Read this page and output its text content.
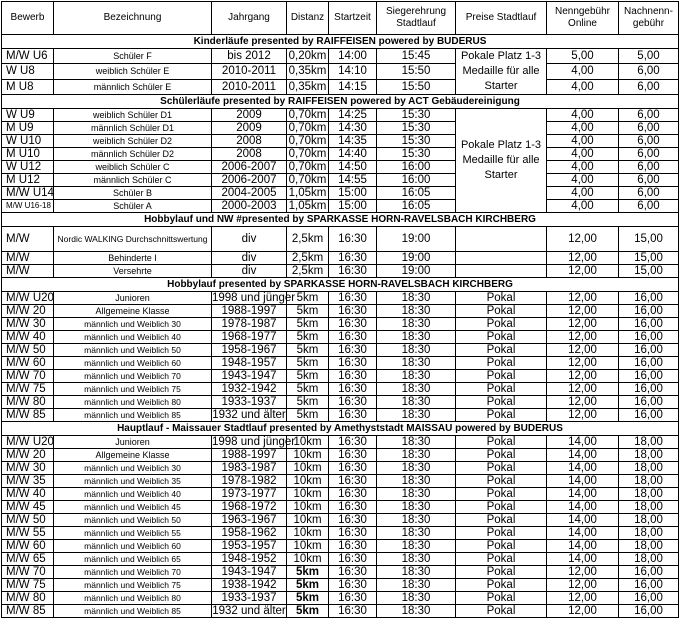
Bewerb	Bezeichnung	Jahrgang	Distanz	Startzeit	Siegerehrung Stadtlauf	Preise Stadtlauf	Nenngebühr Online	Nachnenn-gebühr
Kinderläufe presented by RAIFFEISEN powered by BUDERUS								
M/W U6	Schüler F	bis 2012	0,20km	14:00	15:45	Pokale Platz 1-3 Medaille für alle Starter	5,00	5,00
W U8	weiblich Schüler E	2010-2011	0,35km	14:10	15:50		4,00	6,00
M U8	männlich Schüler E	2010-2011	0,35km	14:15	15:50		4,00	6,00
Schülerläufe presented by RAIFFEISEN powered by ACT Gebäudereinigung								
W U9	weiblich Schüler D1	2009	0,70km	14:25	15:30	Pokale Platz 1-3 Medaille für alle Starter	4,00	6,00
M U9	männlich Schüler D1	2009	0,70km	14:30	15:30		4,00	6,00
W U10	weiblich Schüler D2	2008	0,70km	14:35	15:30		4,00	6,00
M U10	männlich Schüler D2	2008	0,70km	14:40	15:30		4,00	6,00
W U12	weiblich Schüler C	2006-2007	0,70km	14:50	16:00		4,00	6,00
M U12	männlich Schüler C	2006-2007	0,70km	14:55	16:00		4,00	6,00
M/W U14	Schüler B	2004-2005	1,05km	15:00	16:05		4,00	6,00
M/W U16-18	Schüler A	2000-2003	1,05km	15:00	16:05		4,00	6,00
Hobbylauf und NW #presented by SPARKASSE HORN-RAVELSBACH KIRCHBERG								
M/W	Nordic WALKING Durchschnittswertung	div	2,5km	16:30	19:00		12,00	15,00
M/W	Behinderte I	div	2,5km	16:30	19:00		12,00	15,00
M/W	Versehrte	div	2,5km	16:30	19:00		12,00	15,00
Hobbylauf presented by SPARKASSE HORN-RAVELSBACH KIRCHBERG								
M/W U20	Junioren	1998 und jünger	5km	16:30	18:30	Pokal	12,00	16,00
M/W 20	Allgemeine Klasse	1988-1997	5km	16:30	18:30	Pokal	12,00	16,00
M/W 30	männlich und Weiblich 30	1978-1987	5km	16:30	18:30	Pokal	12,00	16,00
M/W 40	männlich und Weiblich 40	1968-1977	5km	16:30	18:30	Pokal	12,00	16,00
M/W 50	männlich und Weiblich 50	1958-1967	5km	16:30	18:30	Pokal	12,00	16,00
M/W 60	männlich und Weiblich 60	1948-1957	5km	16:30	18:30	Pokal	12,00	16,00
M/W 70	männlich und Weiblich 70	1943-1947	5km	16:30	18:30	Pokal	12,00	16,00
M/W 75	männlich und Weiblich 75	1932-1942	5km	16:30	18:30	Pokal	12,00	16,00
M/W 80	männlich und Weiblich 80	1933-1937	5km	16:30	18:30	Pokal	12,00	16,00
M/W 85	männlich und Weiblich 85	1932 und älter	5km	16:30	18:30	Pokal	12,00	16,00
Hauptlauf - Maissauer Stadtlauf presented by Amethyststadt MAISSAU powered by BUDERUS								
M/W U20	Junioren	1998 und jünger	10km	16:30	18:30	Pokal	14,00	18,00
M/W 20	Allgemeine Klasse	1988-1997	10km	16:30	18:30	Pokal	14,00	18,00
M/W 30	männlich und Weiblich 30	1983-1987	10km	16:30	18:30	Pokal	14,00	18,00
M/W 35	männlich und Weiblich 35	1978-1982	10km	16:30	18:30	Pokal	14,00	18,00
M/W 40	männlich und Weiblich 40	1973-1977	10km	16:30	18:30	Pokal	14,00	18,00
M/W 45	männlich und Weiblich 45	1968-1972	10km	16:30	18:30	Pokal	14,00	18,00
M/W 50	männlich und Weiblich 50	1963-1967	10km	16:30	18:30	Pokal	14,00	18,00
M/W 55	männlich und Weiblich 55	1958-1962	10km	16:30	18:30	Pokal	14,00	18,00
M/W 60	männlich und Weiblich 60	1953-1957	10km	16:30	18:30	Pokal	14,00	18,00
M/W 65	männlich und Weiblich 65	1948-1952	10km	16:30	18:30	Pokal	14,00	18,00
M/W 70	männlich und Weiblich 70	1943-1947	5km	16:30	18:30	Pokal	12,00	16,00
M/W 75	männlich und Weiblich 75	1938-1942	5km	16:30	18:30	Pokal	12,00	16,00
M/W 80	männlich und Weiblich 80	1933-1937	5km	16:30	18:30	Pokal	12,00	16,00
M/W 85	männlich und Weiblich 85	1932 und älter	5km	16:30	18:30	Pokal	12,00	16,00
